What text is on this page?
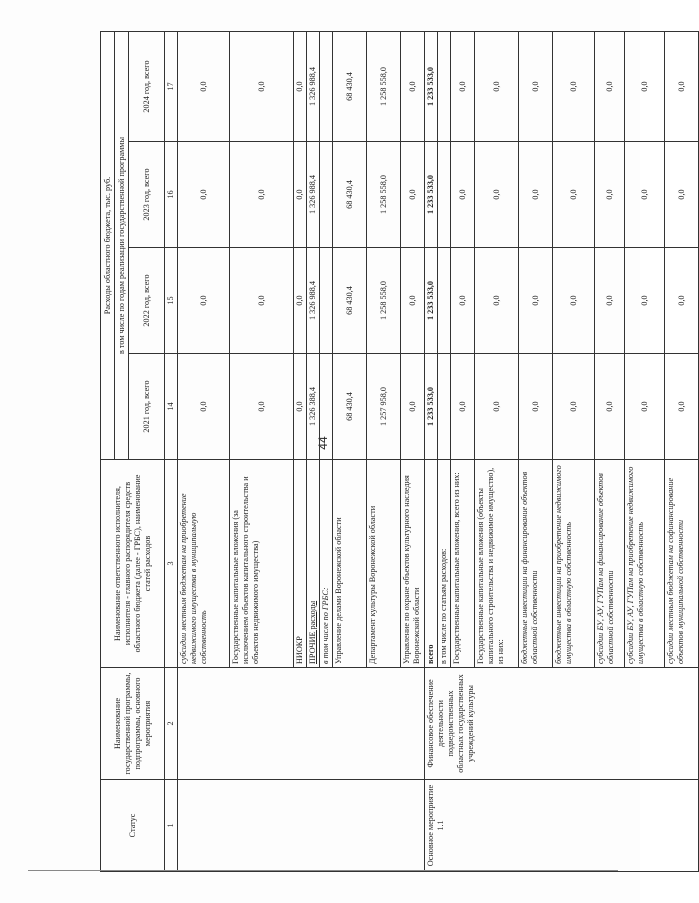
44
Статус	Наименование государственной программы, подпрограммы, основного мероприятия	Наименование ответственного исполнителя, исполнителя - главного распорядителя средств областного бюджета (далее - ГРБС), наименование статей расходов	Расходы областного бюджета, тыс. руб.			
			в том числе по годам реализации государственной программы			
			2021 год, всего	2022 год, всего	2023 год, всего	2024 год, всего
1	2	3	14	15	16	17
		субсидии местным бюджетам на приобретение недвижимого имущества в муниципальную собственность	0,0	0,0	0,0	0,0
		Государственные капитальные вложения (за исключением объектов капитального строительства и объектов недвижимого имущества)	0,0	0,0	0,0	0,0
		НИОКР	0,0	0,0	0,0	0,0
		ПРОЧИЕ расходы	1 326 388,4	1 326 988,4	1 326 988,4	1 326 988,4
		в том числе по ГРБС:				
		Управление делами Воронежской области	68 430,4	68 430,4	68 430,4	68 430,4
		Департамент культуры Воронежской области	1 257 958,0	1 258 558,0	1 258 558,0	1 258 558,0
		Управление по охране объектов культурного наследия Воронежской области	0,0	0,0	0,0	0,0
Основное мероприятие 1.1	Финансовое обеспечение деятельности подведомственных областных государственных учреждений культуры	всего	1 233 533,0	1 233 533,0	1 233 533,0	1 233 533,0
		в том числе по статьям расходов:				
		Государственные капитальные вложения, всего из них:	0,0	0,0	0,0	0,0
		Государственные капитальные вложения (объекты капитального строительства и недвижимое имущество), из них:	0,0	0,0	0,0	0,0
		бюджетные инвестиции на финансирование объектов областной собственности	0,0	0,0	0,0	0,0
		бюджетные инвестиции на приобретение недвижимого имущества в областную собственность	0,0	0,0	0,0	0,0
		субсидии БУ, АУ, ГУПам на финансирование объектов областной собственности	0,0	0,0	0,0	0,0
		субсидии БУ, АУ, ГУПам на приобретение недвижимого имущества в областную собственность	0,0	0,0	0,0	0,0
		субсидии местным бюджетам на софинансирование объектов муниципальной собственности	0,0	0,0	0,0	0,0
